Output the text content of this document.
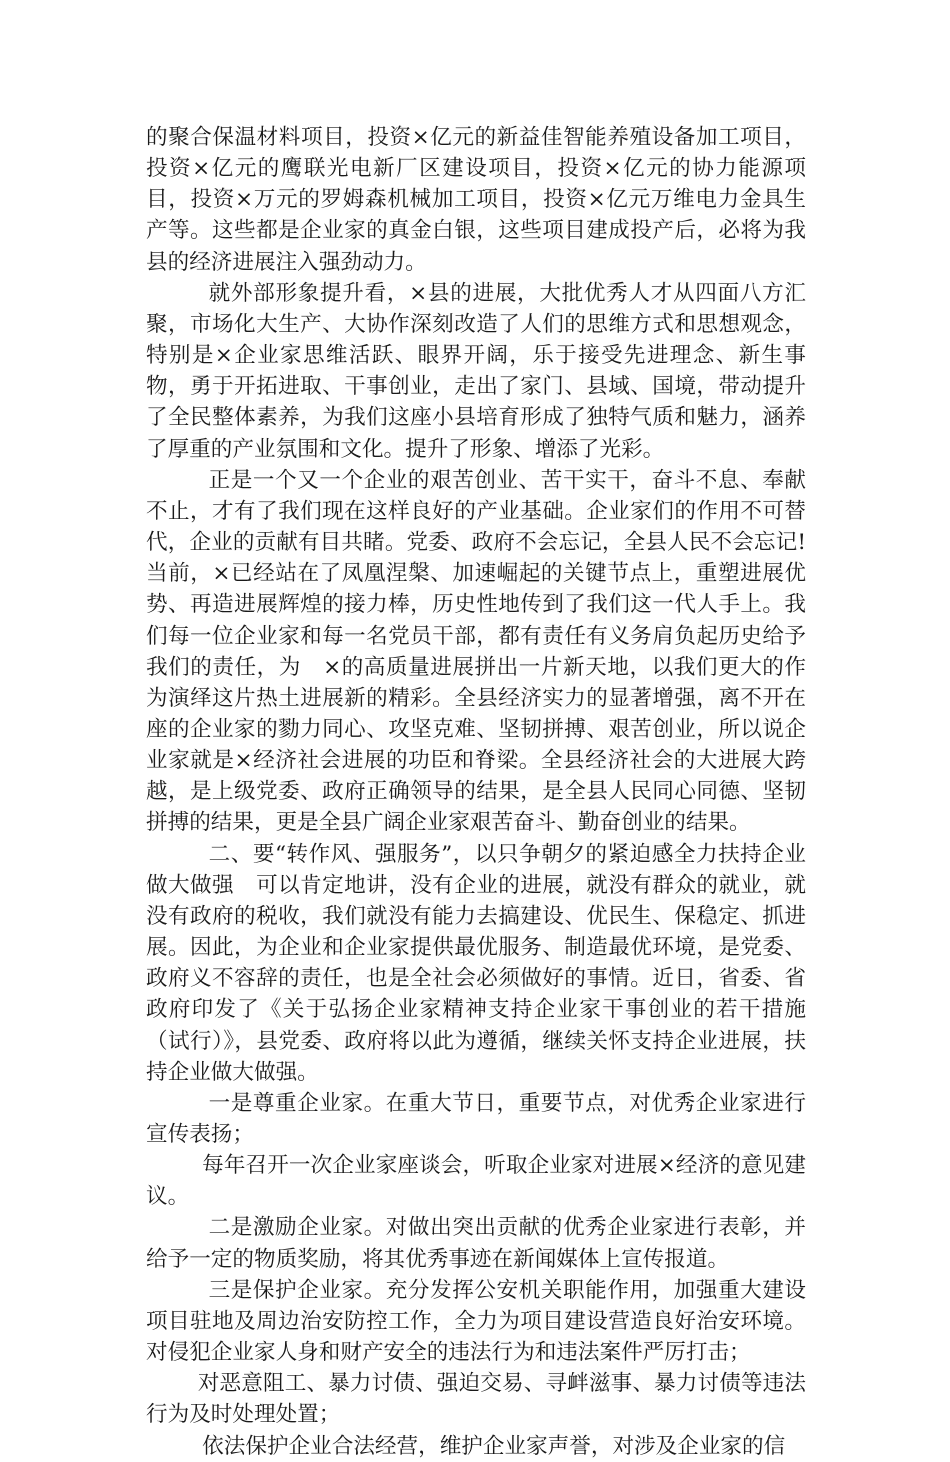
的聚合保温材料项目，投资×亿元的新益佳智能养殖设备加工项目，投资×亿元的鹰联光电新厂区建设项目，投资×亿元的协力能源项目，投资×万元的罗姆森机械加工项目，投资×亿元万维电力金具生产等。这些都是企业家的真金白银，这些项目建成投产后，必将为我县的经济进展注入强劲动力。

就外部形象提升看，×县的进展，大批优秀人才从四面八方汇聚，市场化大生产、大协作深刻改造了人们的思维方式和思想观念，特别是×企业家思维活跃、眼界开阔，乐于接受先进理念、新生事物，勇于开拓进取、干事创业，走出了家门、县域、国境，带动提升了全民整体素养，为我们这座小县培育形成了独特气质和魅力，涵养了厚重的产业氛围和文化。提升了形象、增添了光彩。

正是一个又一个企业的艰苦创业、苦干实干，奋斗不息、奉献不止，才有了我们现在这样良好的产业基础。企业家们的作用不可替代，企业的贡献有目共睹。党委、政府不会忘记，全县人民不会忘记!当前，×已经站在了凤凰涅槃、加速崛起的关键节点上，重塑进展优势、再造进展辉煌的接力棒，历史性地传到了我们这一代人手上。我们每一位企业家和每一名党员干部，都有责任有义务肩负起历史给予我们的责任，为　×的高质量进展拼出一片新天地，以我们更大的作为演绎这片热土进展新的精彩。全县经济实力的显著增强，离不开在座的企业家的勠力同心、攻坚克难、坚韧拼搏、艰苦创业，所以说企业家就是×经济社会进展的功臣和脊梁。全县经济社会的大进展大跨越，是上级党委、政府正确领导的结果，是全县人民同心同德、坚韧拼搏的结果，更是全县广阔企业家艰苦奋斗、勤奋创业的结果。

二、要“转作风、强服务”，以只争朝夕的紧迫感全力扶持企业做大做强　可以肯定地讲，没有企业的进展，就没有群众的就业，就没有政府的税收，我们就没有能力去搞建设、优民生、保稳定、抓进展。因此，为企业和企业家提供最优服务、制造最优环境，是党委、政府义不容辞的责任，也是全社会必须做好的事情。近日，省委、省政府印发了《关于弘扬企业家精神支持企业家干事创业的若干措施（试行）》，县党委、政府将以此为遵循，继续关怀支持企业进展，扶持企业做大做强。

一是尊重企业家。在重大节日，重要节点，对优秀企业家进行宣传表扬；

每年召开一次企业家座谈会，听取企业家对进展×经济的意见建议。

二是激励企业家。对做出突出贡献的优秀企业家进行表彰，并给予一定的物质奖励，将其优秀事迹在新闻媒体上宣传报道。

三是保护企业家。充分发挥公安机关职能作用，加强重大建设项目驻地及周边治安防控工作，全力为项目建设营造良好治安环境。对侵犯企业家人身和财产安全的违法行为和违法案件严厉打击；

对恶意阻工、暴力讨债、强迫交易、寻衅滋事、暴力讨债等违法行为及时处理处置；

依法保护企业合法经营，维护企业家声誉，对涉及企业家的信
